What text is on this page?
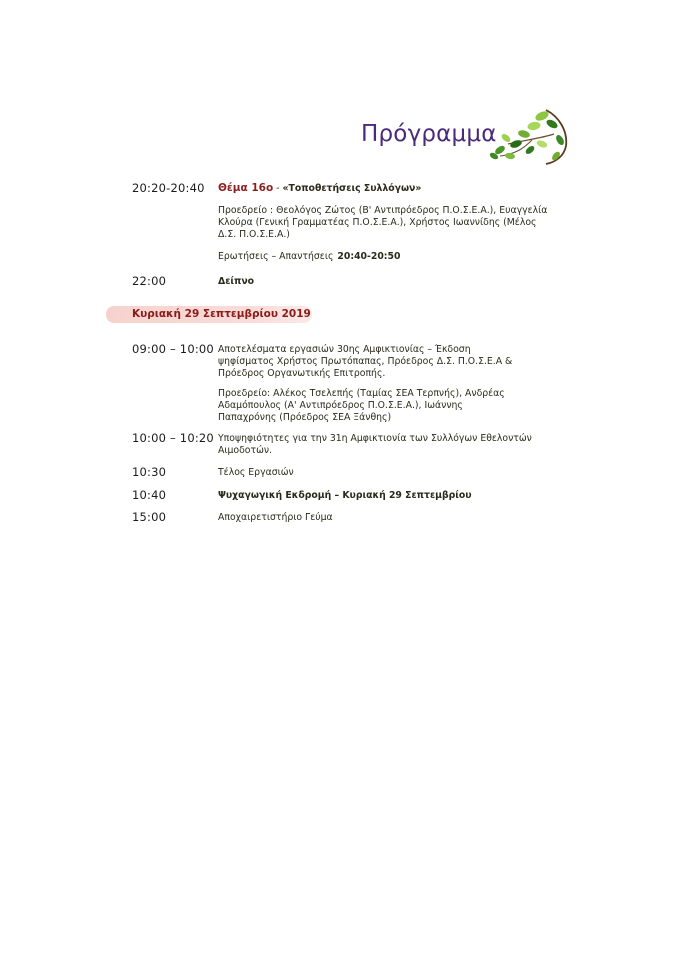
Πρόγραμμα
20:20-20:40 Θέμα 16ο - «Τοποθετήσεις Συλλόγων»
Προεδρείο : Θεολόγος Ζώτος (Β' Αντιπρόεδρος Π.Ο.Σ.Ε.Α.), Ευαγγελία Κλούρα (Γενική Γραμματέας Π.Ο.Σ.Ε.Α.), Χρήστος Ιωαννίδης (Μέλος Δ.Σ. Π.Ο.Σ.Ε.Α.)
Ερωτήσεις – Απαντήσεις 20:40-20:50
22:00	Δείπνο
Κυριακή 29 Σεπτεμβρίου 2019
09:00 – 10:00 Αποτελέσματα εργασιών 30ης Αμφικτιονίας – Έκδοση ψηφίσματος Χρήστος Πρωτόπαπας, Πρόεδρος Δ.Σ. Π.Ο.Σ.Ε.Α & Πρόεδρος Οργανωτικής Επιτροπής.
Προεδρείο: Αλέκος Τσελεπής (Ταμίας ΣΕΑ Τερπνής), Ανδρέας Αδαμόπουλος (Α' Αντιπρόεδρος Π.Ο.Σ.Ε.Α.), Ιωάννης Παπαχρόνης (Πρόεδρος ΣΕΑ Ξάνθης)
10:00 – 10:20 Υποψηφιότητες για την 31η Αμφικτιονία των Συλλόγων Εθελοντών Αιμοδοτών.
10:30	Τέλος Εργασιών
10:40	Ψυχαγωγική Εκδρομή – Κυριακή 29 Σεπτεμβρίου
15:00	Αποχαιρετιστήριο Γεύμα
